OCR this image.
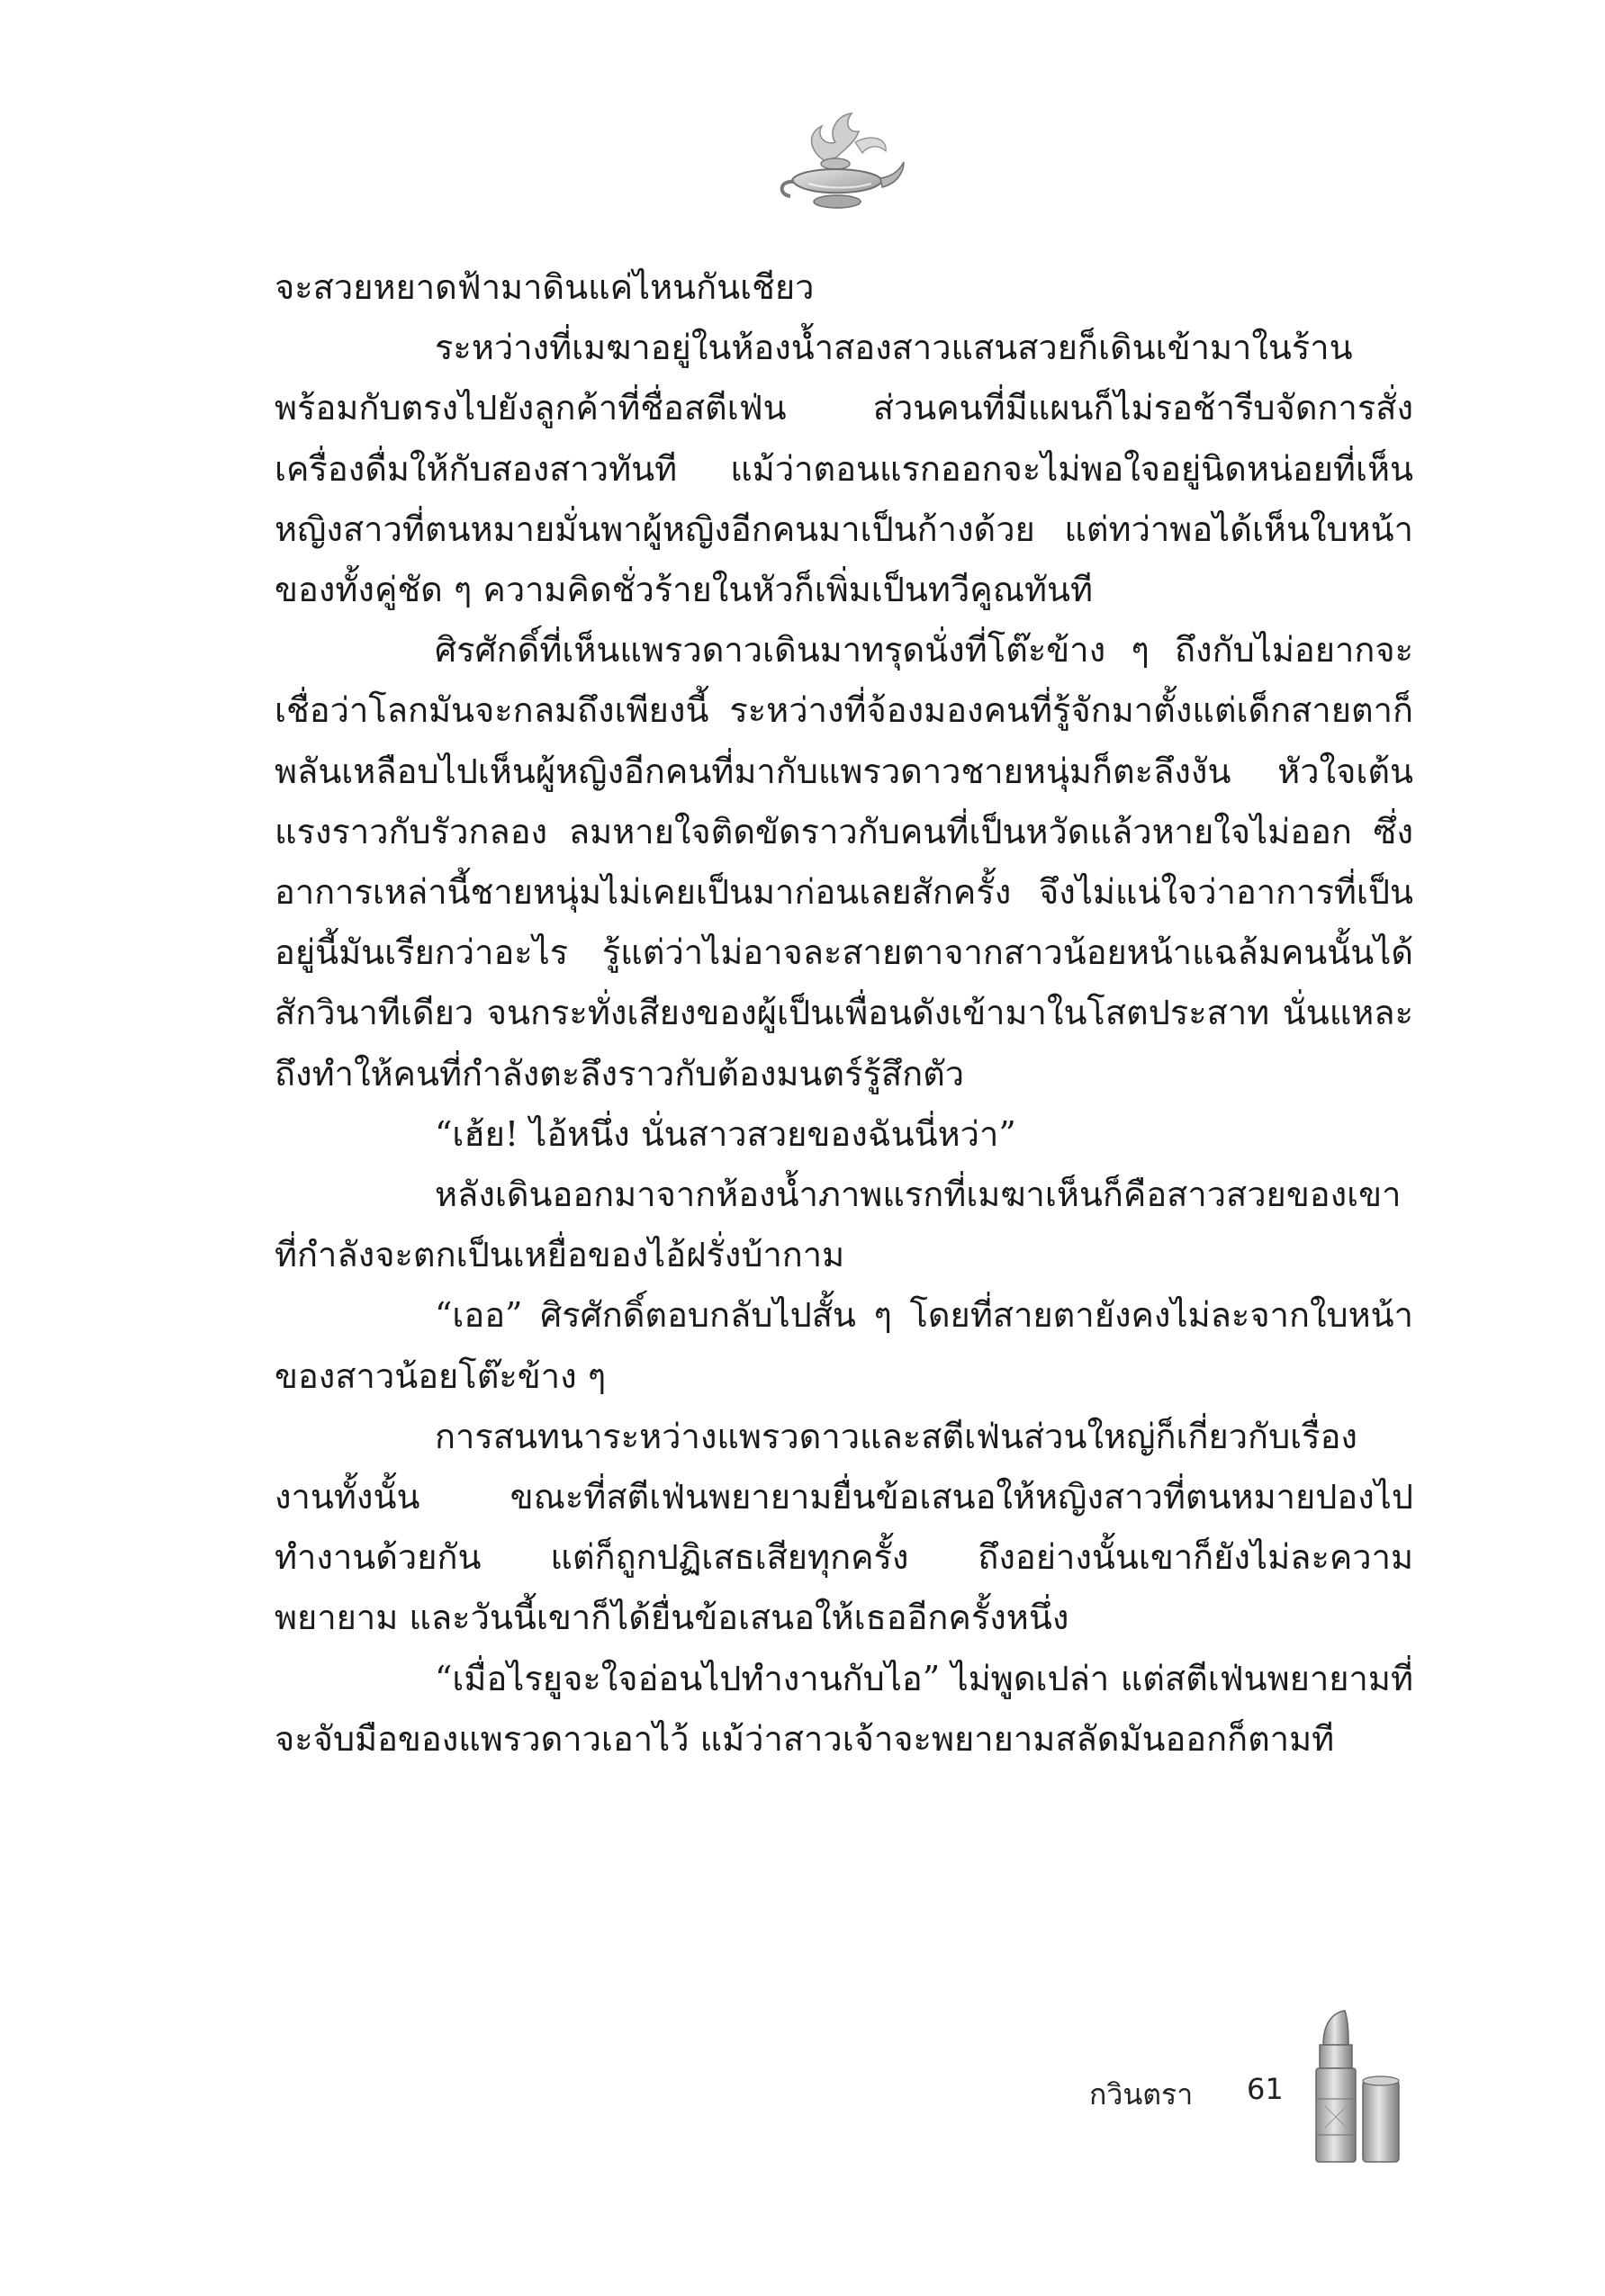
จะสวยหยาดฟ้ามาดินแค่ไหนกันเชียว

ระหว่างที่เมฆาอยู่ในห้องน้ำสองสาวแสนสวยก็เดินเข้ามาในร้านพร้อมกับตรงไปยังลูกค้าที่ชื่อสตีเฟ่น ส่วนคนที่มีแผนก็ไม่รอช้ารีบจัดการสั่งเครื่องดื่มให้กับสองสาวทันที แม้ว่าตอนแรกออกจะไม่พอใจอยู่นิดหน่อยที่เห็นหญิงสาวที่ตนหมายมั่นพาผู้หญิงอีกคนมาเป็นก้างด้วย แต่ทว่าพอได้เห็นใบหน้าของทั้งคู่ชัด ๆ ความคิดชั่วร้ายในหัวก็เพิ่มเป็นทวีคูณทันที

ศิรศักดิ์ที่เห็นแพรวดาวเดินมาทรุดนั่งที่โต๊ะข้าง ๆ ถึงกับไม่อยากจะเชื่อว่าโลกมันจะกลมถึงเพียงนี้ ระหว่างที่จ้องมองคนที่รู้จักมาตั้งแต่เด็กสายตาก็พลันเหลือบไปเห็นผู้หญิงอีกคนที่มากับแพรวดาวชายหนุ่มก็ตะลึงงัน หัวใจเต้นแรงราวกับรัวกลอง ลมหายใจติดขัดราวกับคนที่เป็นหวัดแล้วหายใจไม่ออก ซึ่งอาการเหล่านี้ชายหนุ่มไม่เคยเป็นมาก่อนเลยสักครั้ง จึงไม่แน่ใจว่าอาการที่เป็นอยู่นี้มันเรียกว่าอะไร รู้แต่ว่าไม่อาจละสายตาจากสาวน้อยหน้าแฉล้มคนนั้นได้สักวินาทีเดียว จนกระทั่งเสียงของผู้เป็นเพื่อนดังเข้ามาในโสตประสาท นั่นแหละถึงทำให้คนที่กำลังตะลึงราวกับต้องมนตร์รู้สึกตัว

“เฮ้ย! ไอ้หนึ่ง นั่นสาวสวยของฉันนี่หว่า”

หลังเดินออกมาจากห้องน้ำภาพแรกที่เมฆาเห็นก็คือสาวสวยของเขาที่กำลังจะตกเป็นเหยื่อของไอ้ฝรั่งบ้ากาม

“เออ” ศิรศักดิ์ตอบกลับไปสั้น ๆ โดยที่สายตายังคงไม่ละจากใบหน้าของสาวน้อยโต๊ะข้าง ๆ

การสนทนาระหว่างแพรวดาวและสตีเฟ่นส่วนใหญ่ก็เกี่ยวกับเรื่องงานทั้งนั้น ขณะที่สตีเฟ่นพยายามยื่นข้อเสนอให้หญิงสาวที่ตนหมายปองไปทำงานด้วยกัน แต่ก็ถูกปฏิเสธเสียทุกครั้ง ถึงอย่างนั้นเขาก็ยังไม่ละความพยายาม และวันนี้เขาก็ได้ยื่นข้อเสนอให้เธออีกครั้งหนึ่ง

“เมื่อไรยูจะใจอ่อนไปทำงานกับไอ” ไม่พูดเปล่า แต่สตีเฟ่นพยายามที่จะจับมือของแพรวดาวเอาไว้ แม้ว่าสาวเจ้าจะพยายามสลัดมันออกก็ตามที

กวินตรา 61
